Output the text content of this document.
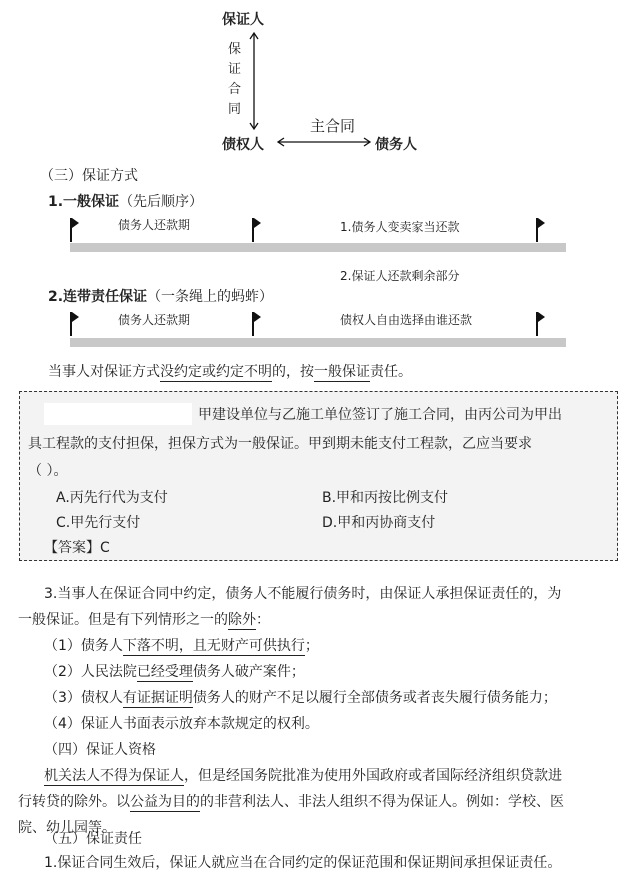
保证人
保
证
合
同
债权人
主合同
债务人
（三）保证方式
1.一般保证（先后顺序）
债务人还款期	1.债务人变卖家当还款
2.保证人还款剩余部分
2.连带责任保证（一条绳上的蚂蚱）
债务人还款期	债权人自由选择由谁还款
当事人对保证方式没约定或约定不明的，按一般保证责任。
甲建设单位与乙施工单位签订了施工合同，由丙公司为甲出
具工程款的支付担保，担保方式为一般保证。甲到期未能支付工程款，乙应当要求
（ ）。
A.丙先行代为支付	B.甲和丙按比例支付
C.甲先行支付	D.甲和丙协商支付
【答案】C
3.当事人在保证合同中约定，债务人不能履行债务时，由保证人承担保证责任的，为
一般保证。但是有下列情形之一的除外：
（1）债务人下落不明，且无财产可供执行；
（2）人民法院已经受理债务人破产案件；
（3）债权人有证据证明债务人的财产不足以履行全部债务或者丧失履行债务能力；
（4）保证人书面表示放弃本款规定的权利。
（四）保证人资格
机关法人不得为保证人，但是经国务院批准为使用外国政府或者国际经济组织贷款进
行转贷的除外。以公益为目的的非营利法人、非法人组织不得为保证人。例如：学校、医
院、幼儿园等。
（五）保证责任
1.保证合同生效后，保证人就应当在合同约定的保证范围和保证期间承担保证责任。
